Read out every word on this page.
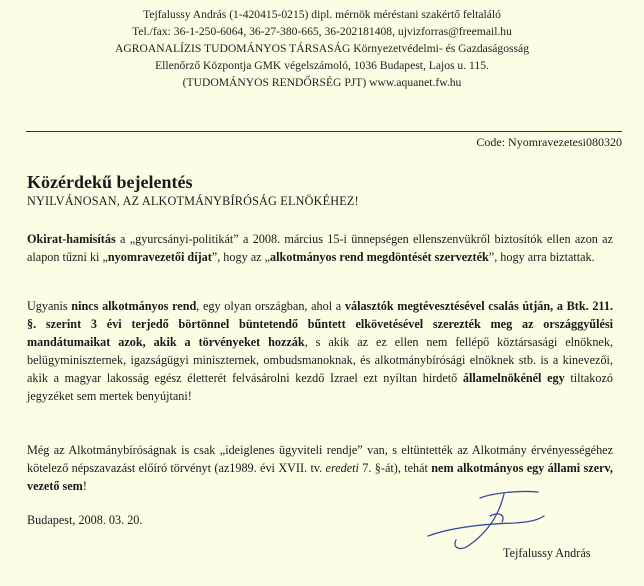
Tejfalussy András (1-420415-0215) dipl. mérnök méréstani szakértő feltaláló
Tel./fax: 36-1-250-6064, 36-27-380-665, 36-202181408, ujvizforras@freemail.hu
AGROANALÍZIS TUDOMÁNYOS TÁRSASÁG Környezetvédelmi- és Gazdaságosság
Ellenőrző Központja GMK végelszámoló, 1036 Budapest, Lajos u. 115.
(TUDOMÁNYOS RENDŐRSÉG PJT) www.aquanet.fw.hu
Code: Nyomravezetesi080320
Közérdekű bejelentés
NYILVÁNOSAN, AZ ALKOTMÁNYBÍRÓSÁG ELNÖKÉHEZ!
Okirat-hamisítás a „gyurcsányi-politikát” a 2008. március 15-i ünnepségen ellenszenvükről biztosítók ellen azon az alapon tűzni ki „nyomravezetői díjat”, hogy az „alkotmányos rend megdöntését szervezték”, hogy arra biztattak.
Ugyanis nincs alkotmányos rend, egy olyan országban, ahol a választók megtévesztésével csalás útján, a Btk. 211. §. szerint 3 évi terjedő börtönnel büntetendő bűntett elkövetésével szerezték meg az országgyűlési mandátumaikat azok, akik a törvényeket hozzák, s akik az ez ellen nem fellépő köztársasági elnöknek, belügyminiszternek, igazságügyi miniszternek, ombudsmanoknak, és alkotmánybírósági elnöknek stb. is a kinevezői, akik a magyar lakosság egész életterét felvásárolni kezdő Izrael ezt nyíltan hirdető államelnökénél egy tiltakozó jegyzéket sem mertek benyújtani!
Még az Alkotmánybíróságnak is csak „ideiglenes ügyviteli rendje” van, s eltüntették az Alkotmány érvényességéhez kötelező népszavazást előíró törvényt (az1989. évi XVII. tv. eredeti 7. §-át), tehát nem alkotmányos egy állami szerv, vezető sem!
Budapest, 2008. 03. 20.
Tejfalussy András
